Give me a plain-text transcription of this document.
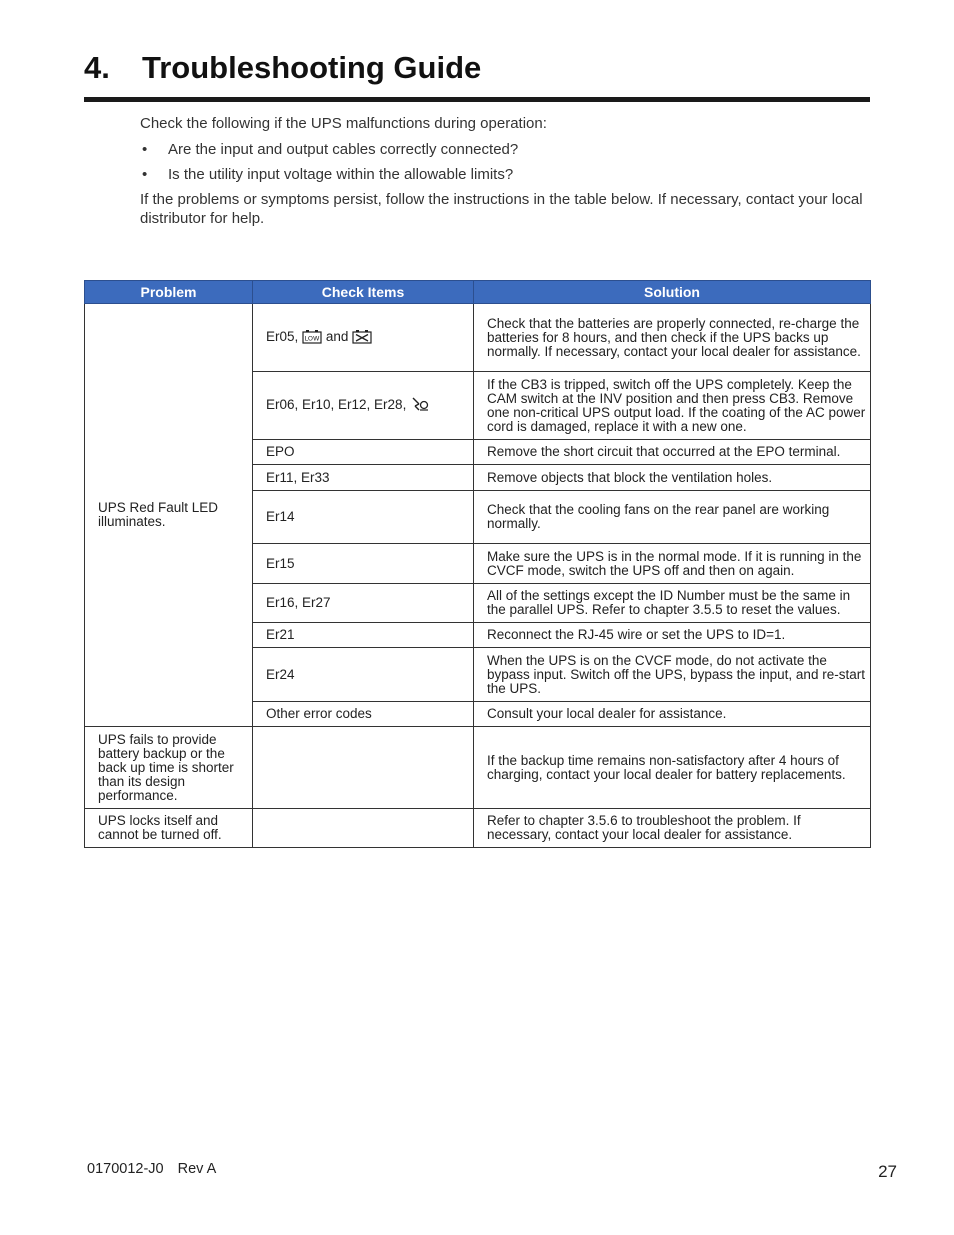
4. Troubleshooting Guide

Check the following if the UPS malfunctions during operation:

• Are the input and output cables correctly connected?
• Is the utility input voltage within the allowable limits?

If the problems or symptoms persist, follow the instructions in the table below. If necessary, contact your local distributor for help.

Problem	Check Items	Solution
UPS Red Fault LED illuminates.	Er05, LOW and	Check that the batteries are properly connected, re-charge the batteries for 8 hours, and then check if the UPS backs up normally. If necessary, contact your local dealer for assistance.
	Er06, Er10, Er12, Er28,	If the CB3 is tripped, switch off the UPS completely. Keep the CAM switch at the INV position and then press CB3. Remove one non-critical UPS output load. If the coating of the AC power cord is damaged, replace it with a new one.
	EPO	Remove the short circuit that occurred at the EPO terminal.
	Er11, Er33	Remove objects that block the ventilation holes.
	Er14	Check that the cooling fans on the rear panel are working normally.
	Er15	Make sure the UPS is in the normal mode. If it is running in the CVCF mode, switch the UPS off and then on again.
	Er16, Er27	All of the settings except the ID Number must be the same in the parallel UPS. Refer to chapter 3.5.5 to reset the values.
	Er21	Reconnect the RJ-45 wire or set the UPS to ID=1.
	Er24	When the UPS is on the CVCF mode, do not activate the bypass input. Switch off the UPS, bypass the input, and re-start the UPS.
	Other error codes	Consult your local dealer for assistance.
UPS fails to provide battery backup or the back up time is shorter than its design performance.		If the backup time remains non-satisfactory after 4 hours of charging, contact your local dealer for battery replacements.
UPS locks itself and cannot be turned off.		Refer to chapter 3.5.6 to troubleshoot the problem. If necessary, contact your local dealer for assistance.
0170012-J0 Rev A	27
